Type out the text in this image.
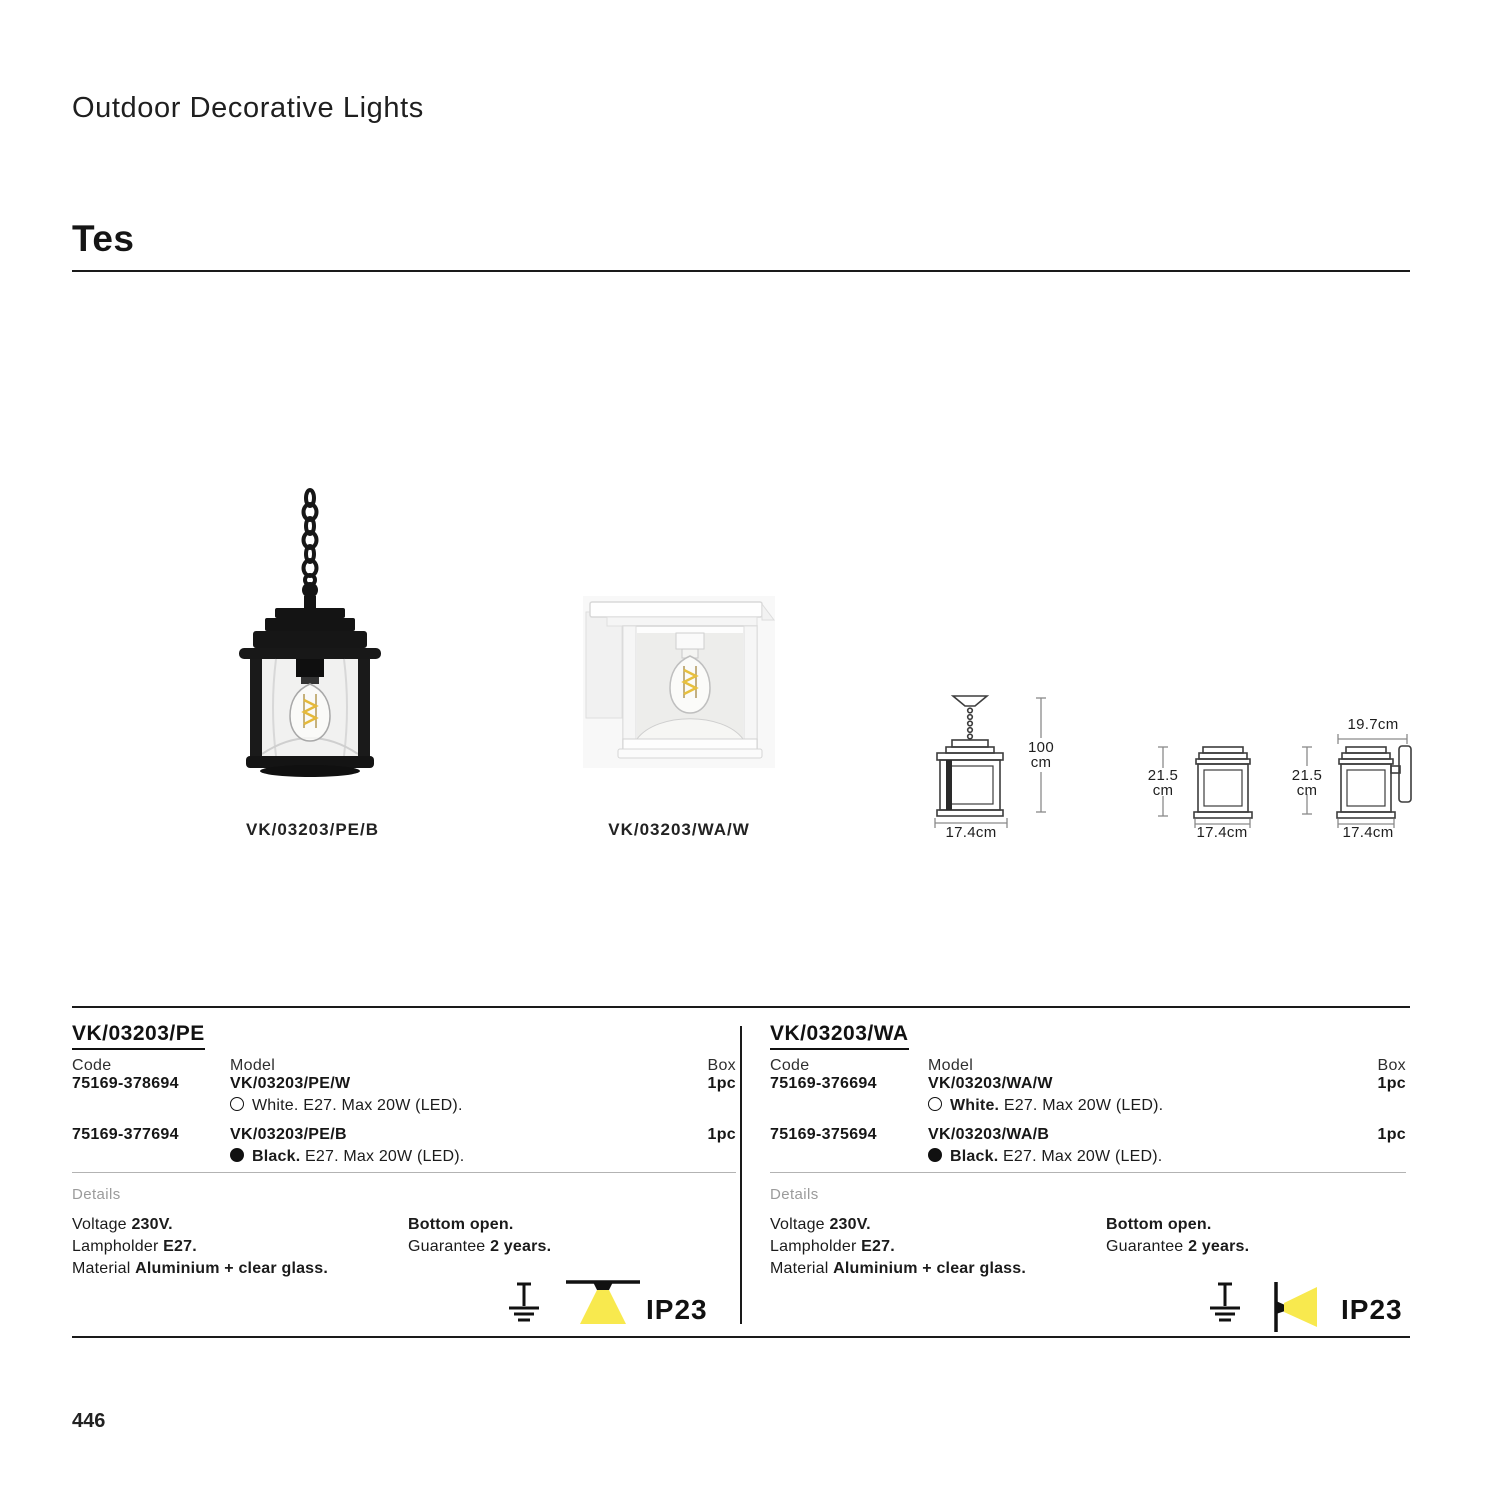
Outdoor Decorative Lights
Tes
VK/03203/PE/B	VK/03203/WA/W
100
cm
17.4cm
21.5
cm
17.4cm
19.7cm
21.5
cm
17.4cm
VK/03203/PE
Code	Model	Box
75169-378694	VK/03203/PE/W	1pc
White. E27. Max 20W (LED).
75169-377694	VK/03203/PE/B	1pc
Black. E27. Max 20W (LED).
Details
Voltage 230V.
Lampholder E27.
Material Aluminium + clear glass.
Bottom open.
Guarantee 2 years.
IP23
VK/03203/WA
Code	Model	Box
75169-376694	VK/03203/WA/W	1pc
White. E27. Max 20W (LED).
75169-375694	VK/03203/WA/B	1pc
Black. E27. Max 20W (LED).
Details
Voltage 230V.
Lampholder E27.
Material Aluminium + clear glass.
Bottom open.
Guarantee 2 years.
IP23
446
